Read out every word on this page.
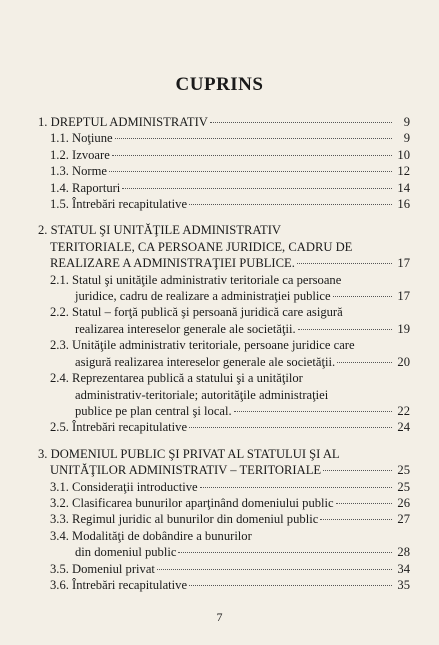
CUPRINS
1. DREPTUL ADMINISTRATIV	9
1.1. Noţiune	9
1.2. Izvoare	10
1.3. Norme	12
1.4. Raporturi	14
1.5. Întrebări recapitulative	16
2. STATUL ŞI UNITĂŢILE ADMINISTRATIV
TERITORIALE, CA PERSOANE JURIDICE, CADRU DE
REALIZARE A ADMINISTRAŢIEI PUBLICE.	17
2.1. Statul şi unităţile administrativ teritoriale ca persoane
juridice, cadru de realizare a administraţiei publice	17
2.2. Statul – forţă publică şi persoană juridică care asigură
realizarea intereselor generale ale societăţii.	19
2.3. Unităţile administrativ teritoriale, persoane juridice care
asigură realizarea intereselor generale ale societăţii.	20
2.4. Reprezentarea publică a statului şi a unităţilor
administrativ-teritoriale; autorităţile administraţiei
publice pe plan central şi local.	22
2.5. Întrebări recapitulative	24
3. DOMENIUL PUBLIC ŞI PRIVAT AL STATULUI ŞI AL
UNITĂŢILOR ADMINISTRATIV – TERITORIALE	25
3.1. Consideraţii introductive	25
3.2. Clasificarea bunurilor aparţinând domeniului public	26
3.3. Regimul juridic al bunurilor din domeniul public	27
3.4. Modalităţi de dobândire a bunurilor
din domeniul public	28
3.5. Domeniul privat	34
3.6. Întrebări recapitulative	35
7
